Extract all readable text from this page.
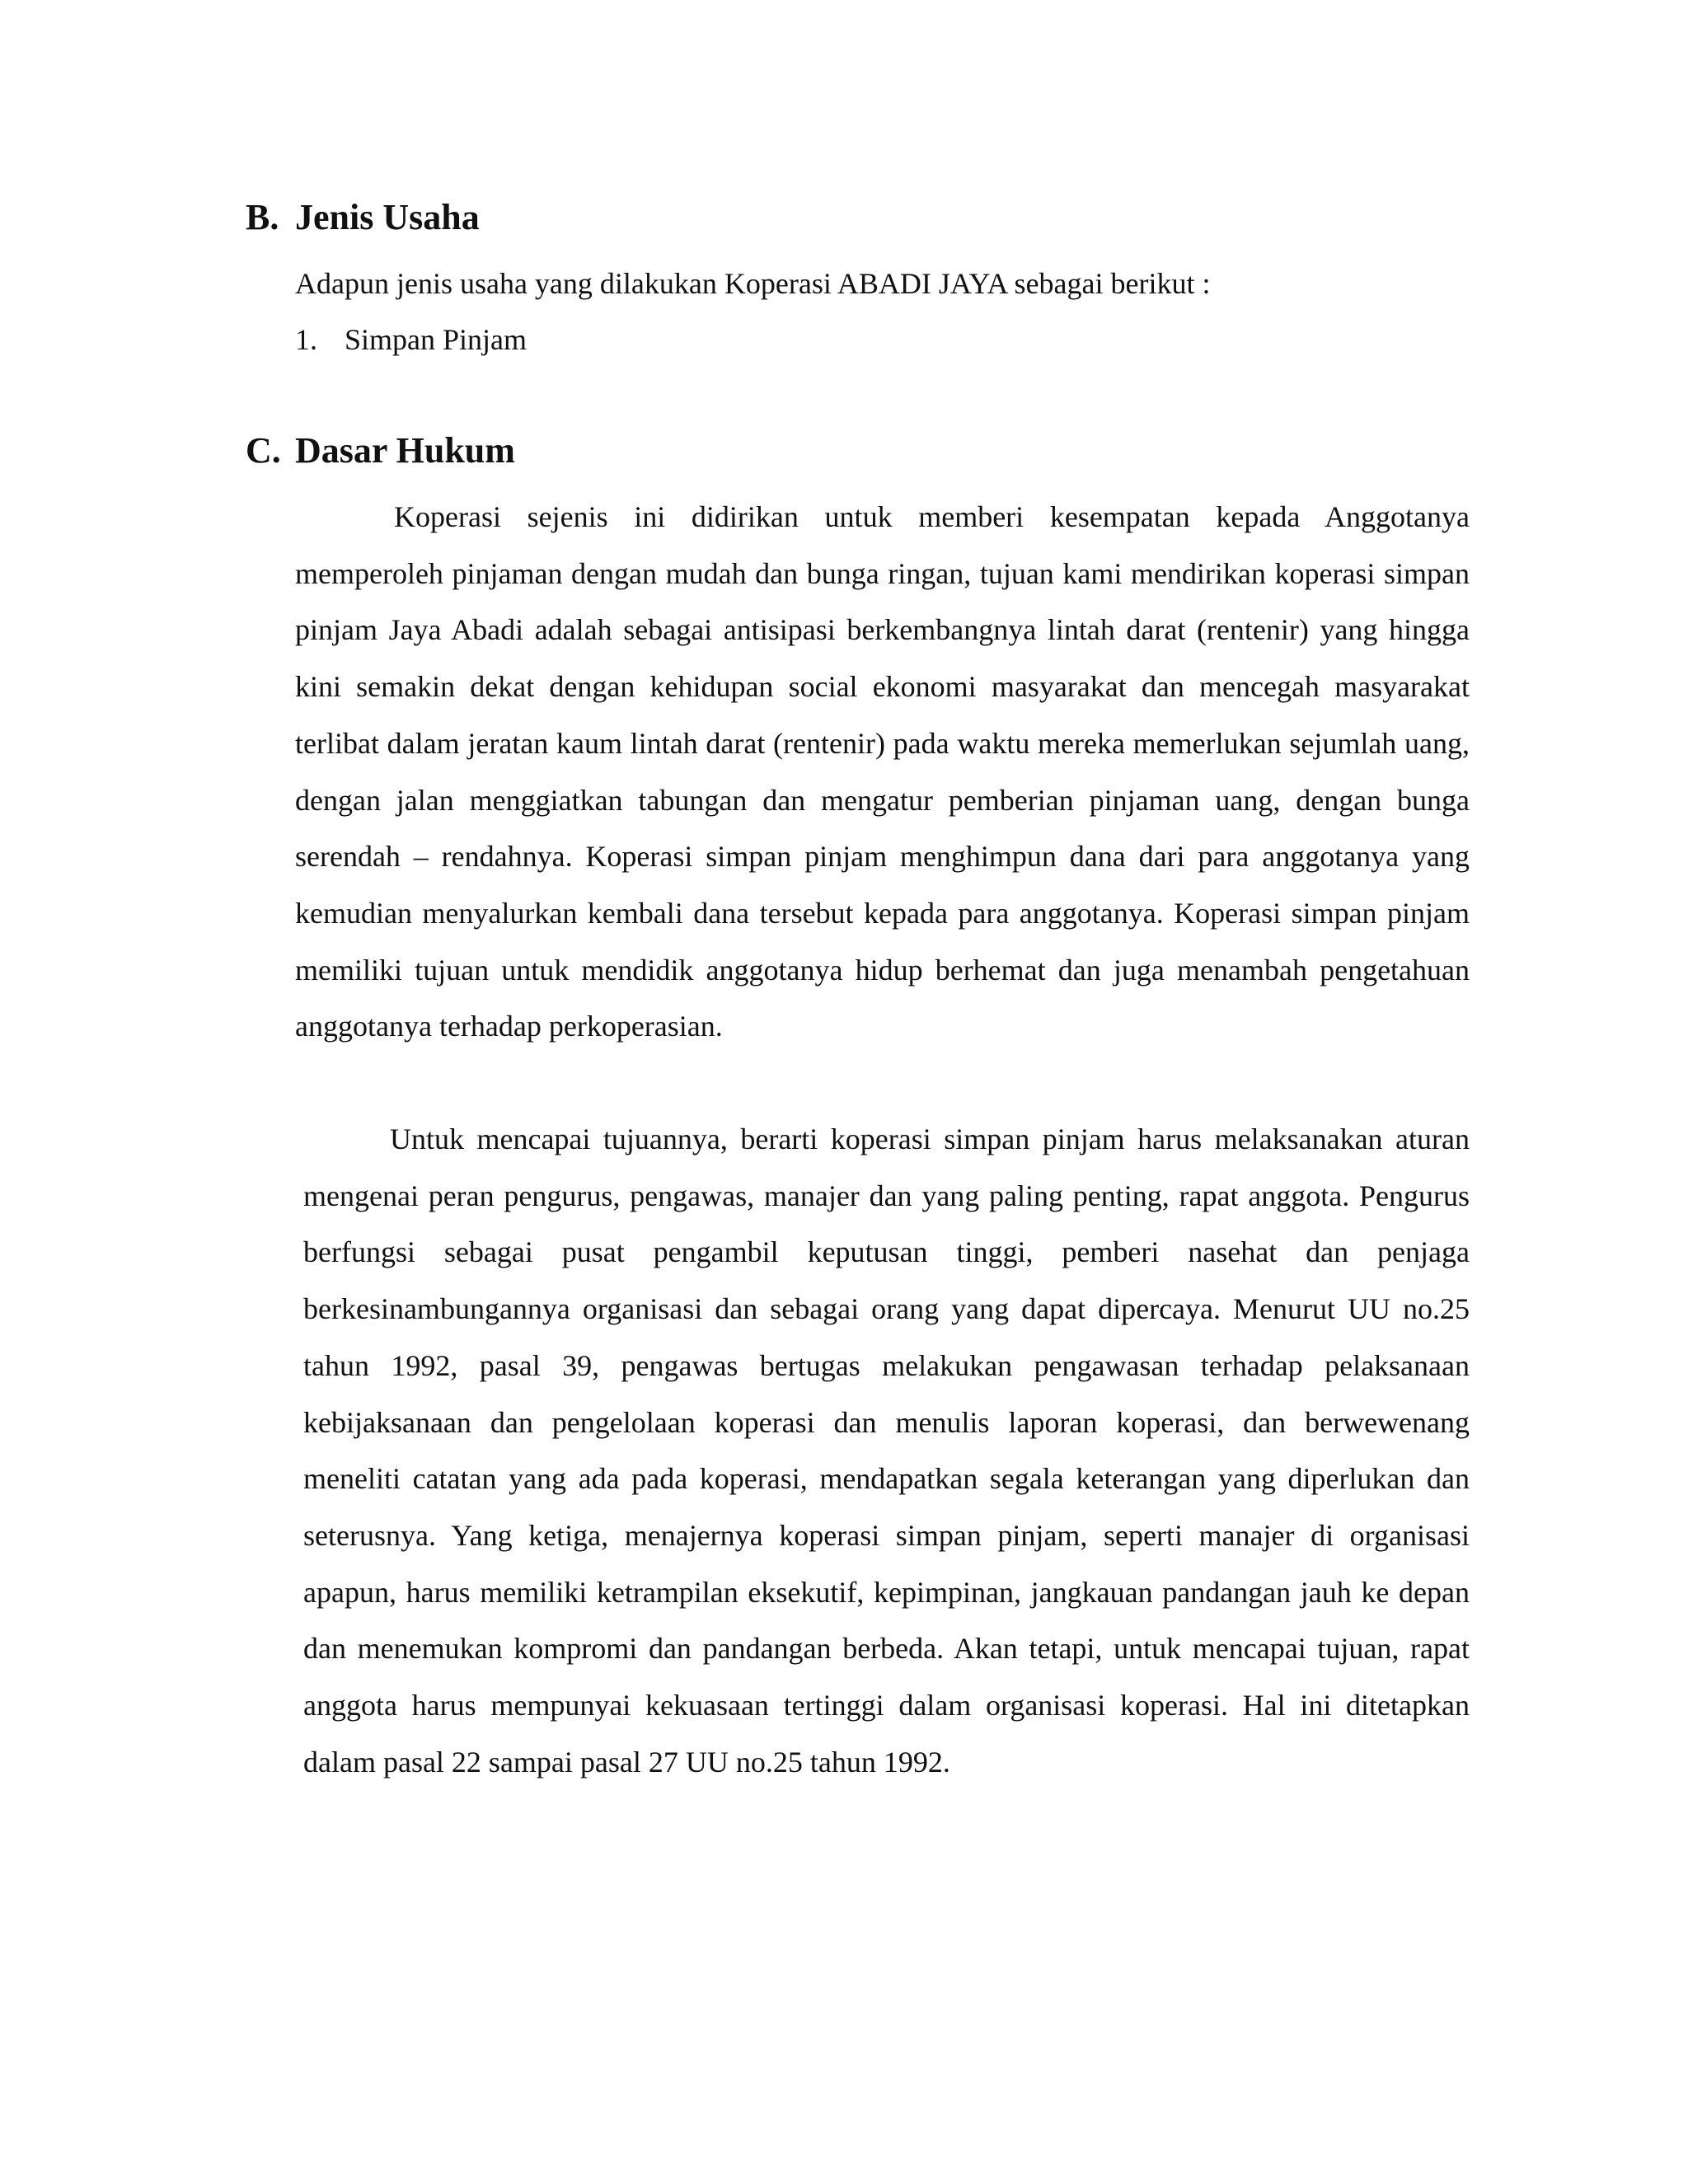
B. Jenis Usaha

Adapun jenis usaha yang dilakukan Koperasi ABADI JAYA sebagai berikut :

1. Simpan Pinjam

C. Dasar Hukum

Koperasi sejenis ini didirikan untuk memberi kesempatan kepada Anggotanya memperoleh pinjaman dengan mudah dan bunga ringan, tujuan kami mendirikan koperasi simpan pinjam Jaya Abadi adalah sebagai antisipasi berkembangnya lintah darat (rentenir) yang hingga kini semakin dekat dengan kehidupan social ekonomi masyarakat dan mencegah masyarakat terlibat dalam jeratan kaum lintah darat (rentenir) pada waktu mereka memerlukan sejumlah uang, dengan jalan menggiatkan tabungan dan mengatur pemberian pinjaman uang, dengan bunga serendah – rendahnya. Koperasi simpan pinjam menghimpun dana dari para anggotanya yang kemudian menyalurkan kembali dana tersebut kepada para anggotanya. Koperasi simpan pinjam memiliki tujuan untuk mendidik anggotanya hidup berhemat dan juga menambah pengetahuan anggotanya terhadap perkoperasian.

Untuk mencapai tujuannya, berarti koperasi simpan pinjam harus melaksanakan aturan mengenai peran pengurus, pengawas, manajer dan yang paling penting, rapat anggota. Pengurus berfungsi sebagai pusat pengambil keputusan tinggi, pemberi nasehat dan penjaga berkesinambungannya organisasi dan sebagai orang yang dapat dipercaya. Menurut UU no.25 tahun 1992, pasal 39, pengawas bertugas melakukan pengawasan terhadap pelaksanaan kebijaksanaan dan pengelolaan koperasi dan menulis laporan koperasi, dan berwewenang meneliti catatan yang ada pada koperasi, mendapatkan segala keterangan yang diperlukan dan seterusnya. Yang ketiga, menajernya koperasi simpan pinjam, seperti manajer di organisasi apapun, harus memiliki ketrampilan eksekutif, kepimpinan, jangkauan pandangan jauh ke depan dan menemukan kompromi dan pandangan berbeda. Akan tetapi, untuk mencapai tujuan, rapat anggota harus mempunyai kekuasaan tertinggi dalam organisasi koperasi. Hal ini ditetapkan dalam pasal 22 sampai pasal 27 UU no.25 tahun 1992.
